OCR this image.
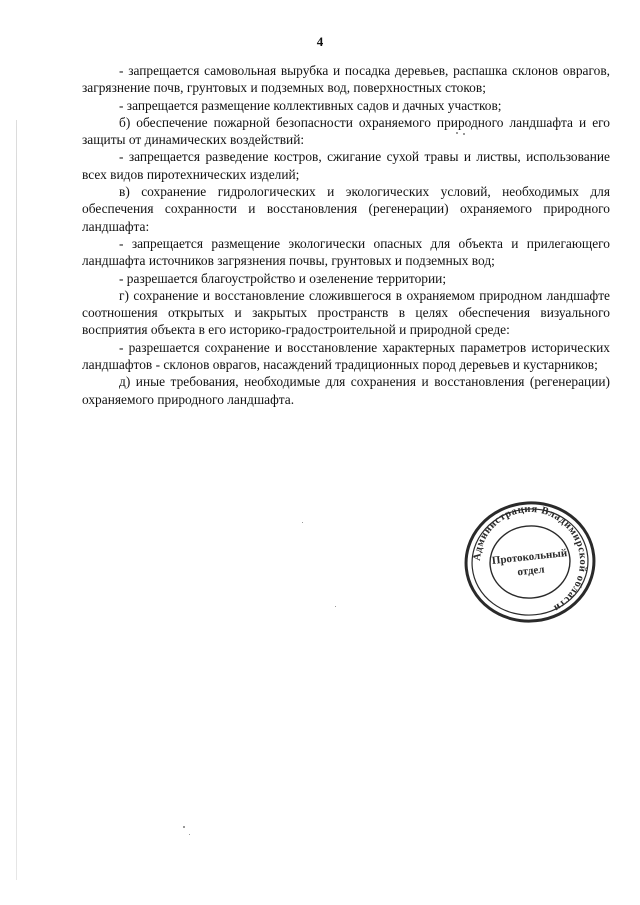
4

- запрещается самовольная вырубка и посадка деревьев, распашка склонов оврагов, загрязнение почв, грунтовых и подземных вод, поверхностных стоков;

- запрещается размещение коллективных садов и дачных участков;

б) обеспечение пожарной безопасности охраняемого природного ландшафта и его защиты от динамических воздействий:

- запрещается разведение костров, сжигание сухой травы и листвы, использование всех видов пиротехнических изделий;

в) сохранение гидрологических и экологических условий, необходимых для обеспечения сохранности и восстановления (регенерации) охраняемого природного ландшафта:

- запрещается размещение экологически опасных для объекта и прилегающего ландшафта источников загрязнения почвы, грунтовых и подземных вод;

- разрешается благоустройство и озеленение территории;

г) сохранение и восстановление сложившегося в охраняемом природном ландшафте соотношения открытых и закрытых пространств в целях обеспечения визуального восприятия объекта в его историко-градостроительной и природной среде:

- разрешается сохранение и восстановление характерных параметров исторических ландшафтов - склонов оврагов, насаждений традиционных пород деревьев и кустарников;

д) иные требования, необходимые для сохранения и восстановления (регенерации) охраняемого природного ландшафта.

Администрация Владимирской области
Протокольный
отдел
